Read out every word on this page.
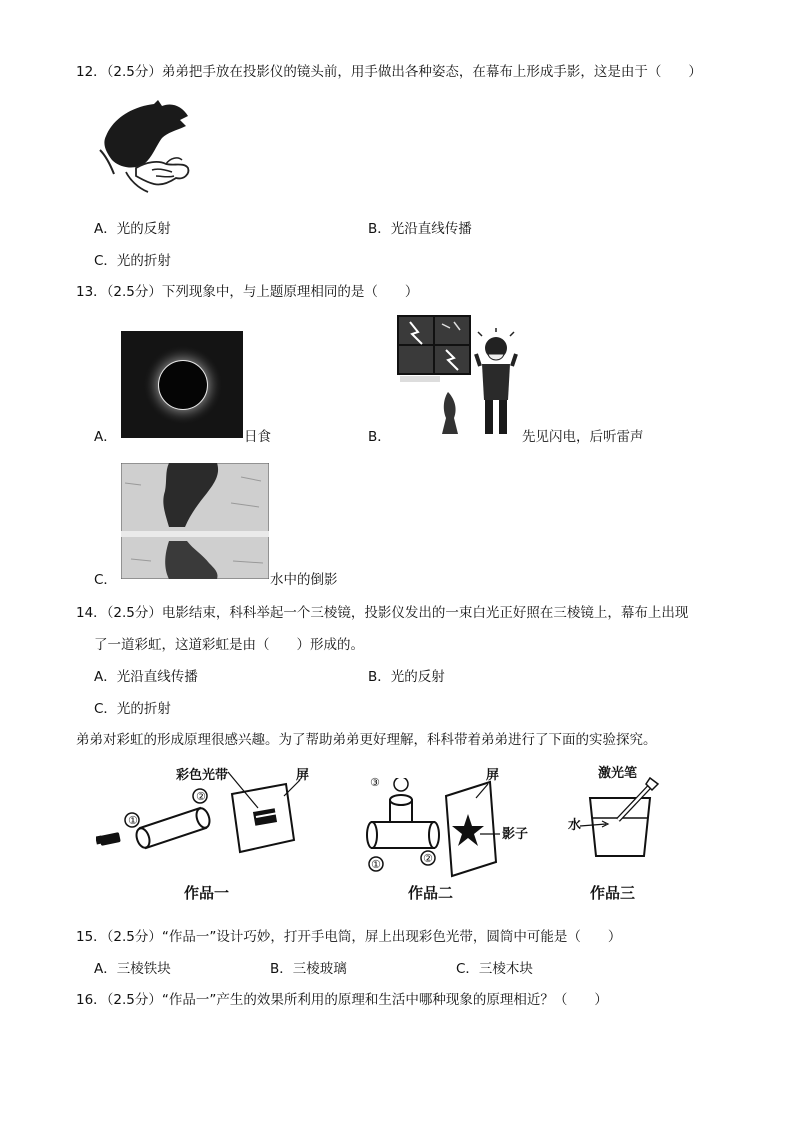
12．（2.5分）弟弟把手放在投影仪的镜头前，用手做出各种姿态，在幕布上形成手影，这是由于（　　）
A．光的反射	B．光沿直线传播
C．光的折射
13．（2.5分）下列现象中，与上题原理相同的是（　　）
A．	日食	B．	先见闪电，后听雷声
C．	水中的倒影
14．（2.5分）电影结束，科科举起一个三棱镜，投影仪发出的一束白光正好照在三棱镜上，幕布上出现
了一道彩虹，这道彩虹是由（　　）形成的。
A．光沿直线传播	B．光的反射
C．光的折射
弟弟对彩虹的形成原理很感兴趣。为了帮助弟弟更好理解，科科带着弟弟进行了下面的实验探究。
彩色光带	屏
①
②
作品一
③
①	②
屏
影子
作品二
激光笔
水
作品三
15．（2.5分）“作品一”设计巧妙，打开手电筒，屏上出现彩色光带，圆筒中可能是（　　）
A．三棱铁块	B．三棱玻璃	C．三棱木块
16．（2.5分）“作品一”产生的效果所利用的原理和生活中哪种现象的原理相近？（　　）
